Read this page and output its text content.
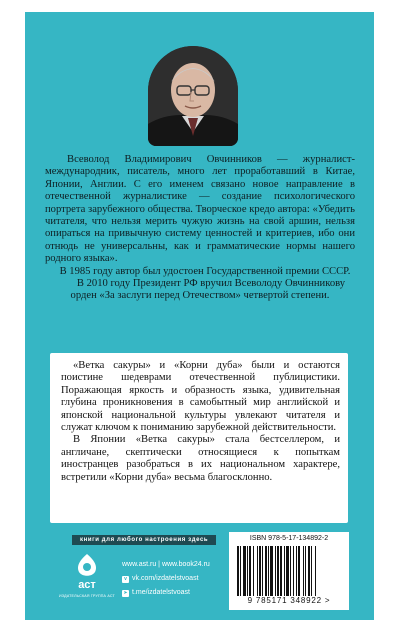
Всеволод Владимирович Овчинников — журналист-международник, писатель, много лет проработавший в Китае, Японии, Англии. С его именем связано новое направление в отечественной журналистике — создание психологического портрета зарубежного общества. Творческое кредо автора: «Убедить читателя, что нельзя мерить чужую жизнь на свой аршин, нельзя опираться на привычную систему ценностей и критериев, ибо они отнюдь не универсальны, как и грамматические нормы нашего родного языка».

В 1985 году автор был удостоен Государственной премии СССР.

В 2010 году Президент РФ вручил Всеволоду Овчинникову орден «За заслуги перед Отечеством» четвертой степени.

«Ветка сакуры» и «Корни дуба» были и остаются поистине шедеврами отечественной публицистики. Поражающая яркость и образность языка, удивительная глубина проникновения в самобытный мир английской и японской национальной культуры увлекают читателя и служат ключом к пониманию зарубежной действительности.

В Японии «Ветка сакуры» стала бестселлером, и англичане, скептически относящиеся к попыткам иностранцев разобраться в их национальном характере, встретили «Корни дуба» весьма благосклонно.

книги для любого настроения здесь
аст
ИЗДАТЕЛЬСКАЯ ГРУППА АСТ
www.ast.ru | www.book24.ru
v vk.com/izdatelstvoast
➤ t.me/izdatelstvoast
ISBN 978-5-17-134892-2
9 785171 348922 >
